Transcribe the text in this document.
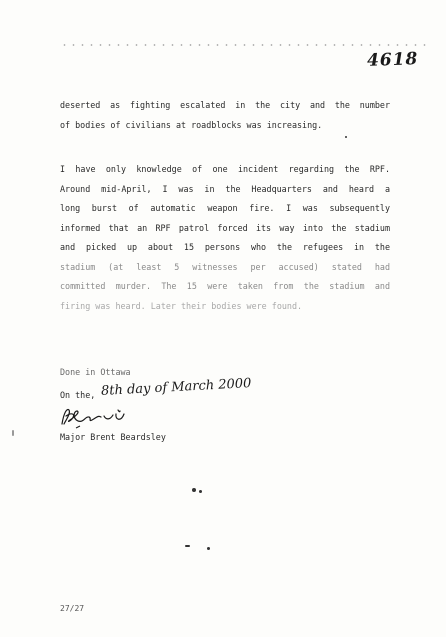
4618
deserted as fighting escalated in the city and the number
of bodies of civilians at roadblocks was increasing.
I have only knowledge of one incident regarding the RPF.
Around mid-April, I was in the Headquarters and heard a
long burst of automatic weapon fire. I was subsequently
informed that an RPF patrol forced its way into the stadium
and picked up about 15 persons who the refugees in the
stadium (at least 5 witnesses per accused) stated had
committed murder. The 15 were taken from the stadium and
firing was heard. Later their bodies were found.
Done in Ottawa
On the, 8th day of March 2000
Major Brent Beardsley
27/27
